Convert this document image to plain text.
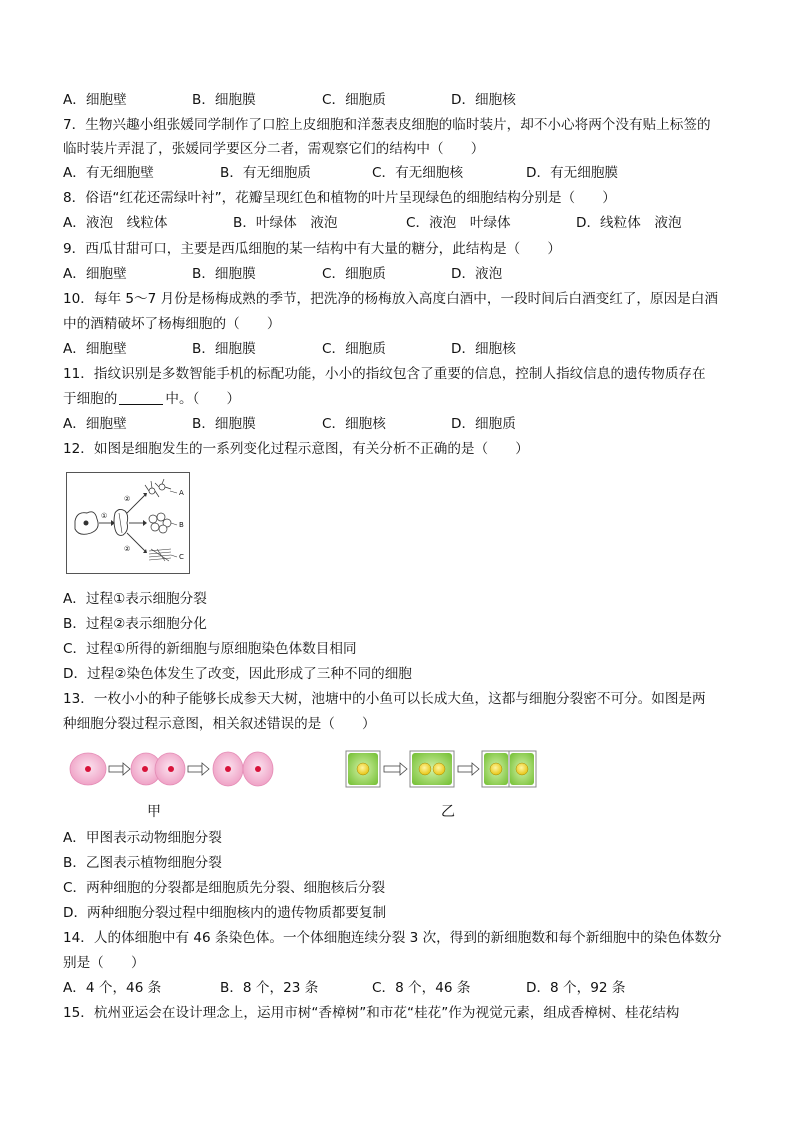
A．细胞壁	B．细胞膜	C．细胞质	D．细胞核
7．生物兴趣小组张媛同学制作了口腔上皮细胞和洋葱表皮细胞的临时装片，却不小心将两个没有贴上标签的
临时装片弄混了，张媛同学要区分二者，需观察它们的结构中（　　）
A．有无细胞壁	B．有无细胞质	C．有无细胞核	D．有无细胞膜
8．俗语“红花还需绿叶衬”，花瓣呈现红色和植物的叶片呈现绿色的细胞结构分别是（　　）
A．液泡　线粒体	B．叶绿体　液泡	C．液泡　叶绿体	D．线粒体　液泡
9．西瓜甘甜可口，主要是西瓜细胞的某一结构中有大量的糖分，此结构是（　　）
A．细胞壁	B．细胞膜	C．细胞质	D．液泡
10．每年 5～7 月份是杨梅成熟的季节，把洗净的杨梅放入高度白酒中，一段时间后白酒变红了，原因是白酒
中的酒精破坏了杨梅细胞的（　　）
A．细胞壁	B．细胞膜	C．细胞质	D．细胞核
11．指纹识别是多数智能手机的标配功能，小小的指纹包含了重要的信息，控制人指纹信息的遗传物质存在
于细胞的	中。（　　）
A．细胞壁	B．细胞膜	C．细胞核	D．细胞质
12．如图是细胞发生的一系列变化过程示意图，有关分析不正确的是（　　）
①
②
A
B
②
C
A．过程①表示细胞分裂
B．过程②表示细胞分化
C．过程①所得的新细胞与原细胞染色体数目相同
D．过程②染色体发生了改变，因此形成了三种不同的细胞
13．一枚小小的种子能够长成参天大树，池塘中的小鱼可以长成大鱼，这都与细胞分裂密不可分。如图是两
种细胞分裂过程示意图，相关叙述错误的是（　　）
甲	乙
A．甲图表示动物细胞分裂
B．乙图表示植物细胞分裂
C．两种细胞的分裂都是细胞质先分裂、细胞核后分裂
D．两种细胞分裂过程中细胞核内的遗传物质都要复制
14．人的体细胞中有 46 条染色体。一个体细胞连续分裂 3 次，得到的新细胞数和每个新细胞中的染色体数分
别是（　　）
A．4 个，46 条	B．8 个，23 条	C．8 个，46 条	D．8 个，92 条
15．杭州亚运会在设计理念上，运用市树“香樟树”和市花“桂花”作为视觉元素，组成香樟树、桂花结构
